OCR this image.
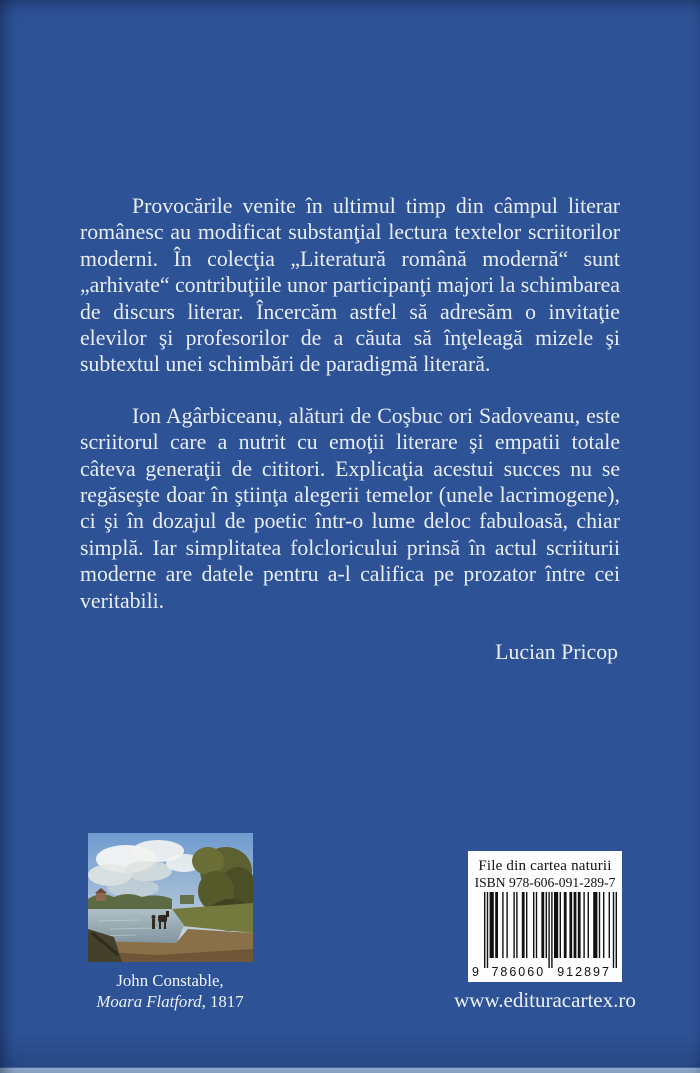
Provocările venite în ultimul timp din câmpul literar românesc au modificat substanţial lectura textelor scriitorilor moderni. În colecţia „Literatură română modernă“ sunt „arhivate“ contribuţiile unor participanţi majori la schimbarea de discurs literar. Încercăm astfel să adresăm o invitaţie elevilor şi profesorilor de a căuta să înţeleagă mizele şi subtextul unei schimbări de paradigmă literară.

Ion Agârbiceanu, alături de Coşbuc ori Sadoveanu, este scriitorul care a nutrit cu emoţii literare şi empatii totale câteva generaţii de cititori. Explicaţia acestui succes nu se regăseşte doar în ştiinţa alegerii temelor (unele lacrimogene), ci şi în dozajul de poetic într-o lume deloc fabuloasă, chiar simplă. Iar simplitatea folcloricului prinsă în actul scriiturii moderne are datele pentru a-l califica pe prozator între cei veritabili.

Lucian Pricop

John Constable,
Moara Flatford, 1817
File din cartea naturii
ISBN 978-606-091-289-7
9 786060 912897
www.edituracartex.ro
